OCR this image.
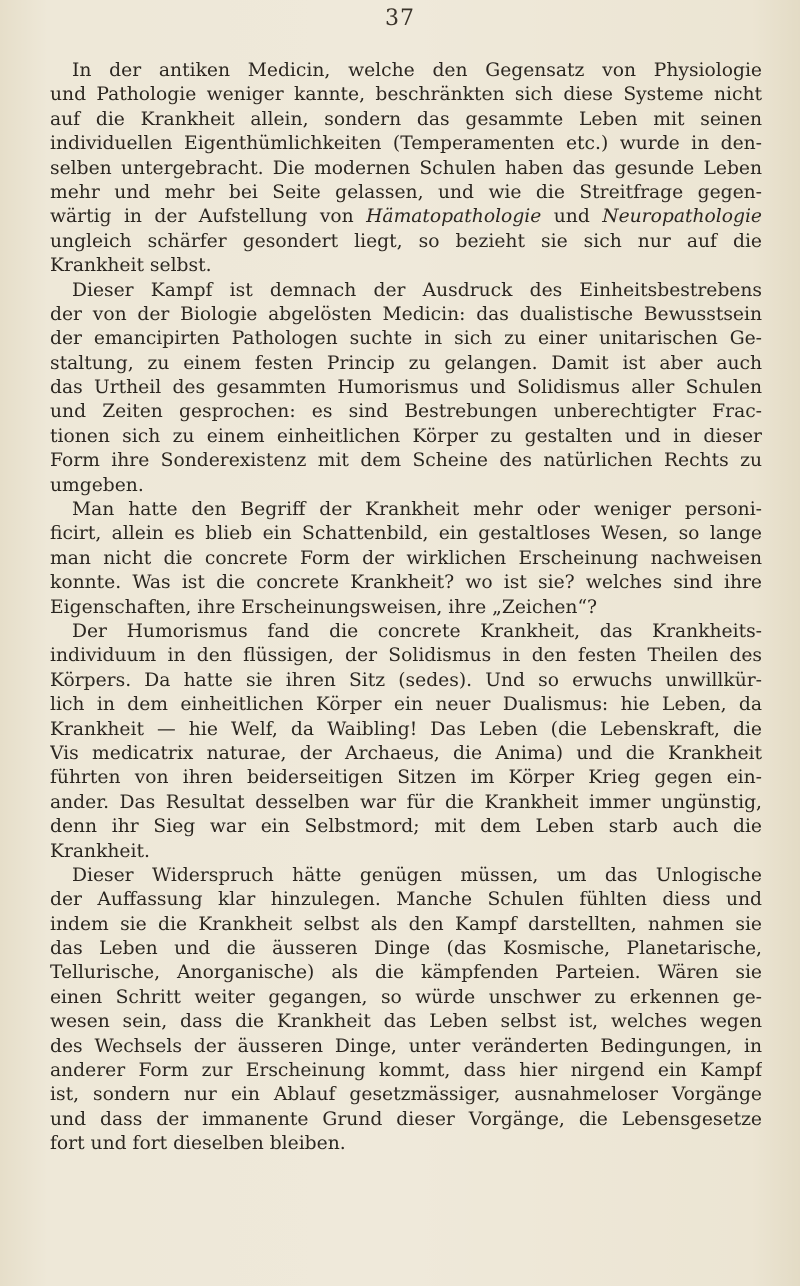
37

In der antiken Medicin, welche den Gegensatz von Physiologie
und Pathologie weniger kannte, beschränkten sich diese Systeme nicht
auf die Krankheit allein, sondern das gesammte Leben mit seinen
individuellen Eigenthümlichkeiten (Temperamenten etc.) wurde in den-
selben untergebracht. Die modernen Schulen haben das gesunde Leben
mehr und mehr bei Seite gelassen, und wie die Streitfrage gegen-
wärtig in der Aufstellung von Hämatopathologie und Neuropathologie
ungleich schärfer gesondert liegt, so bezieht sie sich nur auf die
Krankheit selbst.

Dieser Kampf ist demnach der Ausdruck des Einheitsbestrebens
der von der Biologie abgelösten Medicin: das dualistische Bewusstsein
der emancipirten Pathologen suchte in sich zu einer unitarischen Ge-
staltung, zu einem festen Princip zu gelangen. Damit ist aber auch
das Urtheil des gesammten Humorismus und Solidismus aller Schulen
und Zeiten gesprochen: es sind Bestrebungen unberechtigter Frac-
tionen sich zu einem einheitlichen Körper zu gestalten und in dieser
Form ihre Sonderexistenz mit dem Scheine des natürlichen Rechts zu
umgeben.

Man hatte den Begriff der Krankheit mehr oder weniger personi-
ficirt, allein es blieb ein Schattenbild, ein gestaltloses Wesen, so lange
man nicht die concrete Form der wirklichen Erscheinung nachweisen
konnte. Was ist die concrete Krankheit? wo ist sie? welches sind ihre
Eigenschaften, ihre Erscheinungsweisen, ihre „Zeichen“?

Der Humorismus fand die concrete Krankheit, das Krankheits-
individuum in den flüssigen, der Solidismus in den festen Theilen des
Körpers. Da hatte sie ihren Sitz (sedes). Und so erwuchs unwillkür-
lich in dem einheitlichen Körper ein neuer Dualismus: hie Leben, da
Krankheit — hie Welf, da Waibling! Das Leben (die Lebenskraft, die
Vis medicatrix naturae, der Archaeus, die Anima) und die Krankheit
führten von ihren beiderseitigen Sitzen im Körper Krieg gegen ein-
ander. Das Resultat desselben war für die Krankheit immer ungünstig,
denn ihr Sieg war ein Selbstmord; mit dem Leben starb auch die
Krankheit.

Dieser Widerspruch hätte genügen müssen, um das Unlogische
der Auffassung klar hinzulegen. Manche Schulen fühlten diess und
indem sie die Krankheit selbst als den Kampf darstellten, nahmen sie
das Leben und die äusseren Dinge (das Kosmische, Planetarische,
Tellurische, Anorganische) als die kämpfenden Parteien. Wären sie
einen Schritt weiter gegangen, so würde unschwer zu erkennen ge-
wesen sein, dass die Krankheit das Leben selbst ist, welches wegen
des Wechsels der äusseren Dinge, unter veränderten Bedingungen, in
anderer Form zur Erscheinung kommt, dass hier nirgend ein Kampf
ist, sondern nur ein Ablauf gesetzmässiger, ausnahmeloser Vorgänge
und dass der immanente Grund dieser Vorgänge, die Lebensgesetze
fort und fort dieselben bleiben.
